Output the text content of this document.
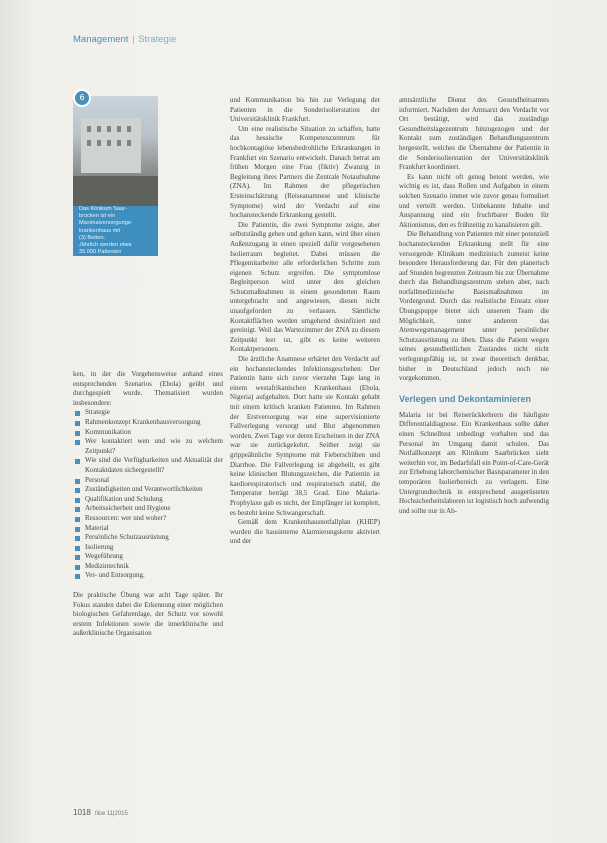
Management | Strategie
6

Das Klinikum Saar-

brücken ist ein

Maximalversorgungs-

krankenhaus mit

(3) Betten.

Jährlich werden etwa

35.000 Patienten

stationär und rund

80.000 Patienten

ambulant behandelt.

Knapp 2.000 Mitarbeiter

arbeiten für das

Klinikum Saarbrücken

und seine Tochter-

gesellschaften.

ken, in der die Vorgehensweise anhand eines entsprechenden Szenarios (Ebola) geübt und durchgespielt wurde. Thematisiert wurden insbesondere:

Strategie
Rahmenkonzept Krankenhausversorgung
Kommunikation
Wer kontaktiert wen und wie zu welchem Zeitpunkt?
Wie sind die Verfügbarkeiten und Aktualität der Kontaktdaten sichergestellt?
Personal
Zuständigkeiten und Verantwortlichkeiten
Qualifikation und Schulung
Arbeitssicherheit und Hygiene
Ressourcen: wer und woher?
Material
Persönliche Schutzausrüstung
Isolierung
Wegeführung
Medizintechnik
Ver- und Entsorgung.

Die praktische Übung war acht Tage später. Ihr Fokus standen dabei die Erkennung einer möglichen biologischen Gefahrenlage, der Schutz vor sowohl erstem Infektionen sowie die innerklinische und außerklinische Organisation

und Kommunikation bis hin zur Verlegung der Patienten in die Sonderisolierstation der Universitätsklinik Frankfurt.

Um eine realistische Situation zu schaffen, hatte das hessische Kompetenzzentrum für hochkontagiöse lebensbedrohliche Erkrankungen in Frankfurt ein Szenario entwickelt. Danach betrat am frühen Morgen eine Frau (fiktiv) Zwanzig in Begleitung ihres Partners die Zentrale Notaufnahme (ZNA). Im Rahmen der pflegerischen Ersteinschätzung (Reiseanamnese und klinische Symptome) wird der Verdacht auf eine hochansteckende Erkrankung gestellt.

Die Patientin, die zwei Symptome zeigte, aber selbstständig gehen und gehen kann, wird über einen Außenzugang in einen speziell dafür vorgesehenen Isolierraum begleitet. Dabei müssen die Pflegemitarbeiter alle erforderlichen Schritte zum eigenen Schutz ergreifen. Die symptomlose Begleitperson wird unter den gleichen Schutzmaßnahmen in einem gesonderten Raum untergebracht und angewiesen, diesen nicht unaufgefordert zu verlassen. Sämtliche Kontaktflächen werden umgehend desinfiziert und gereinigt. Weil das Wartezimmer der ZNA zu diesem Zeitpunkt leer ist, gibt es keine weiteren Kontaktpersonen.

Die ärztliche Anamnese erhärtet den Verdacht auf ein hochansteckendes Infektionsgeschehen: Der Patientin hatte sich zuvor vierzehn Tage lang in einem westafrikanischen Krankenhaus (Ebola, Nigeria) aufgehalten. Dort hatte sie Kontakt gehabt mit einem kritisch kranken Patienten. Im Rahmen der Erstversorgung war eine supervisionierte Fallverlegung versorgt und Blut abgenommen worden. Zwei Tage vor deren Erscheinen in der ZNA war sie zurückgekehrt. Seither zeigt sie grippeähnliche Symptome mit Fieberschüben und Diarrhoe. Die Fallverlegung ist abgeheilt, es gibt keine klinischen Blutungszeichen, die Patientin ist kardiorespiratorisch und respiratorisch stabil, die Temperatur beträgt 38,5 Grad. Eine Malaria-Prophylaxe gab es nicht, der Empfänger ist komplett, es besteht keine Schwangerschaft.

Gemäß dem Krankenhausnotfallplan (KHEP) wurden die hausinterne Alarmierungskette aktiviert und der

amtsärztliche Dienst des Gesundheitsamtes informiert. Nachdem der Amtsarzt den Verdacht vor Ort bestätigt, wird das zuständige Gesundheitslagezentrum hinzugezogen und der Kontakt zum zuständigen Behandlungszentrum hergestellt, welches die Übernahme der Patientin in die Sonderisolierstation der Universitätsklinik Frankfurt koordiniert.

Es kann nicht oft genug betont werden, wie wichtig es ist, dass Rollen und Aufgaben in einem solchen Szenario immer wie zuvor genau formuliert und verteilt werden. Unbekannte Inhalte und Anspannung sind ein fruchtbarer Boden für Aktionismus, den es frühzeitig zu kanalisieren gilt.

Die Behandlung von Patienten mit einer potenziell hochansteckenden Erkrankung stellt für eine versorgende Klinikum medizinisch zumeist keine besondere Herausforderung dar. Für den planerisch auf Stunden begrenzten Zeitraum bis zur Übernahme durch das Behandlungszentrum stehen aber, nach notfallmedizinische Basismaßnahmen im Vordergrund. Durch das realistische Einsatz einer Übungspuppe bietet sich unserem Team die Möglichkeit, unter anderem das Atemwegsmanagement unter persönlicher Schutzausrüstung zu üben. Dass die Patient wegen seines gesundheitlichen Zustandes nicht nicht verlegungsfähig ist, ist zwar theoretisch denkbar, bisher in Deutschland jedoch noch nie vorgekommen.

Verlegen und Dekontaminieren

Malaria ist bei Reiserückkehrern die häufigste Differentialdiagnose. Ein Krankenhaus sollte daher einen Schnelltest unbedingt vorhalten und das Personal im Umgang damit schulen. Das Notfallkonzept am Klinikum Saarbrücken sieht weiterhin vor, im Bedarfsfall ein Point-of-Care-Gerät zur Erhebung laborchemischer Basisparameter in den temporären Isolierbereich zu verlagern. Eine Untergrundtechnik in entsprechend ausgerüsteten Hochsicherheitslaborеn ist logistisch hoch aufwendig und sollte nur in Ab-

1018 f&w 11|2015
